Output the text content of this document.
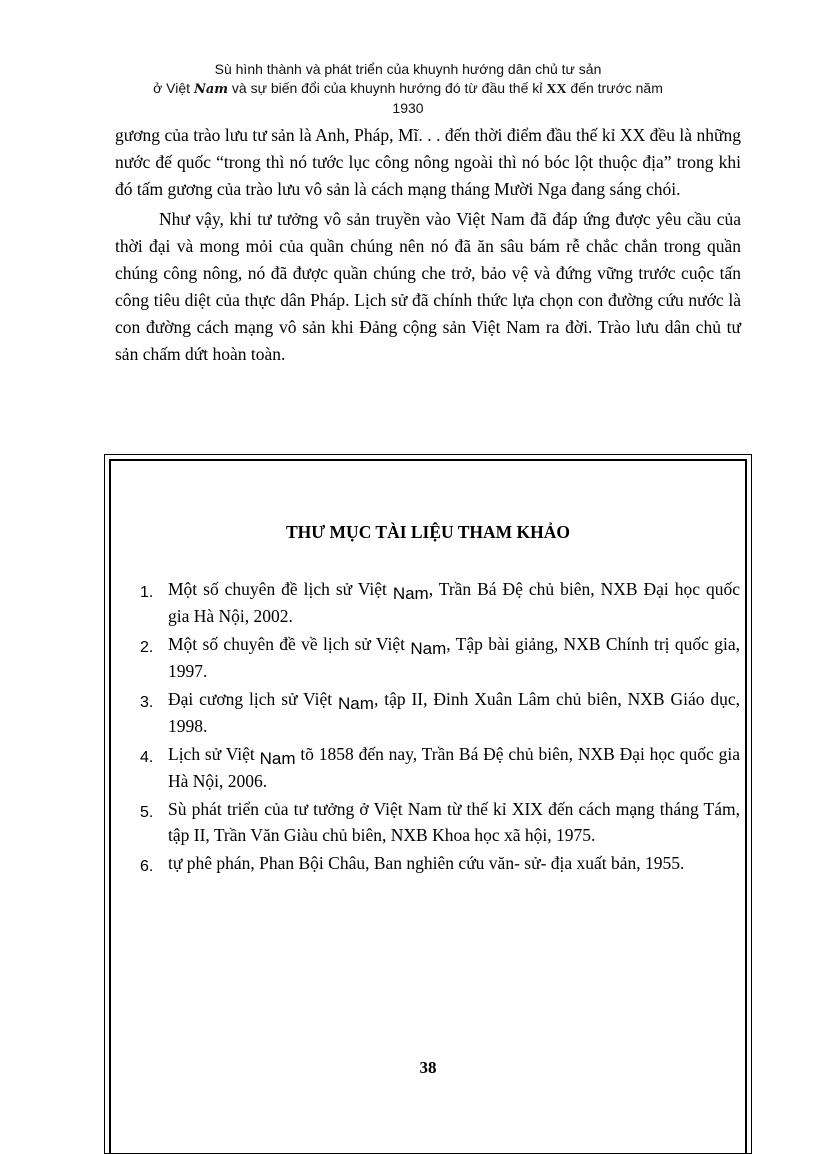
Sù hình thành và phát triển của khuynh hướng dân chủ tư sản
ở Việt Nam và sự biến đổi của khuynh hướng đó từ đầu thế kỉ XX đến trước năm
1930

gương của trào lưu tư sản là Anh, Pháp, Mĩ. . . đến thời điểm đầu thế kỉ XX đều là những nước đế quốc “trong thì nó tước lục công nông ngoài thì nó bóc lột thuộc địa” trong khi đó tấm gương của trào lưu vô sản là cách mạng tháng Mười Nga đang sáng chói.

Như vậy, khi tư tưởng vô sản truyền vào Việt Nam đã đáp ứng được yêu cầu của thời đại và mong mỏi của quần chúng nên nó đã ăn sâu bám rễ chắc chắn trong quần chúng công nông, nó đã được quần chúng che trở, bảo vệ và đứng vững trước cuộc tấn công tiêu diệt của thực dân Pháp. Lịch sử đã chính thức lựa chọn con đường cứu nước là con đường cách mạng vô sản khi Đảng cộng sản Việt Nam ra đời. Trào lưu dân chủ tư sản chấm dứt hoàn toàn.

THƯ MỤC TÀI LIỆU THAM KHẢO
1. Một số chuyên đề lịch sử Việt Nam, Trần Bá Đệ chủ biên, NXB Đại học quốc gia Hà Nội, 2002.
2. Một số chuyên đề về lịch sử Việt Nam, Tập bài giảng, NXB Chính trị quốc gia, 1997.
3. Đại cương lịch sử Việt Nam, tập II, Đinh Xuân Lâm chủ biên, NXB Giáo dục, 1998.
4. Lịch sử Việt Nam tõ 1858 đến nay, Trần Bá Đệ chủ biên, NXB Đại học quốc gia Hà Nội, 2006.
5. Sù phát triển của tư tưởng ở Việt Nam từ thế kỉ XIX đến cách mạng tháng Tám, tập II, Trần Văn Giàu chủ biên, NXB Khoa học xã hội, 1975.
6. tự phê phán, Phan Bội Châu, Ban nghiên cứu văn- sử- địa xuất bản, 1955.
38
